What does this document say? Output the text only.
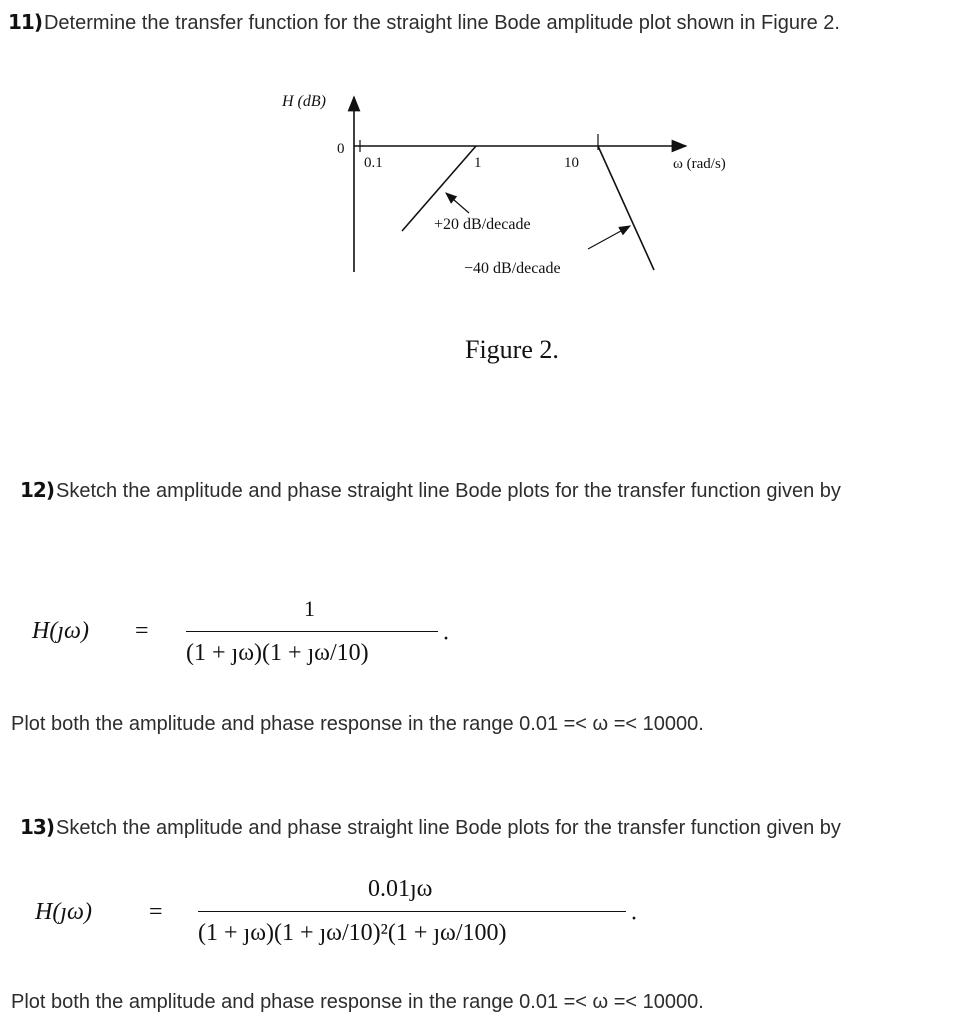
11) Determine the transfer function for the straight line Bode amplitude plot shown in Figure 2.
H (dB)
0
ω (rad/s)
0.1	1	10
+20 dB/decade
−40 dB/decade
Figure 2.
12) Sketch the amplitude and phase straight line Bode plots for the transfer function given by
H(ȷω) =
1
(1 + ȷω)(1 + ȷω/10)
·
Plot both the amplitude and phase response in the range 0.01 =< ω =< 10000.
13) Sketch the amplitude and phase straight line Bode plots for the transfer function given by
H(ȷω) =
0.01ȷω
(1 + ȷω)(1 + ȷω/10)²(1 + ȷω/100)
·
Plot both the amplitude and phase response in the range 0.01 =< ω =< 10000.
